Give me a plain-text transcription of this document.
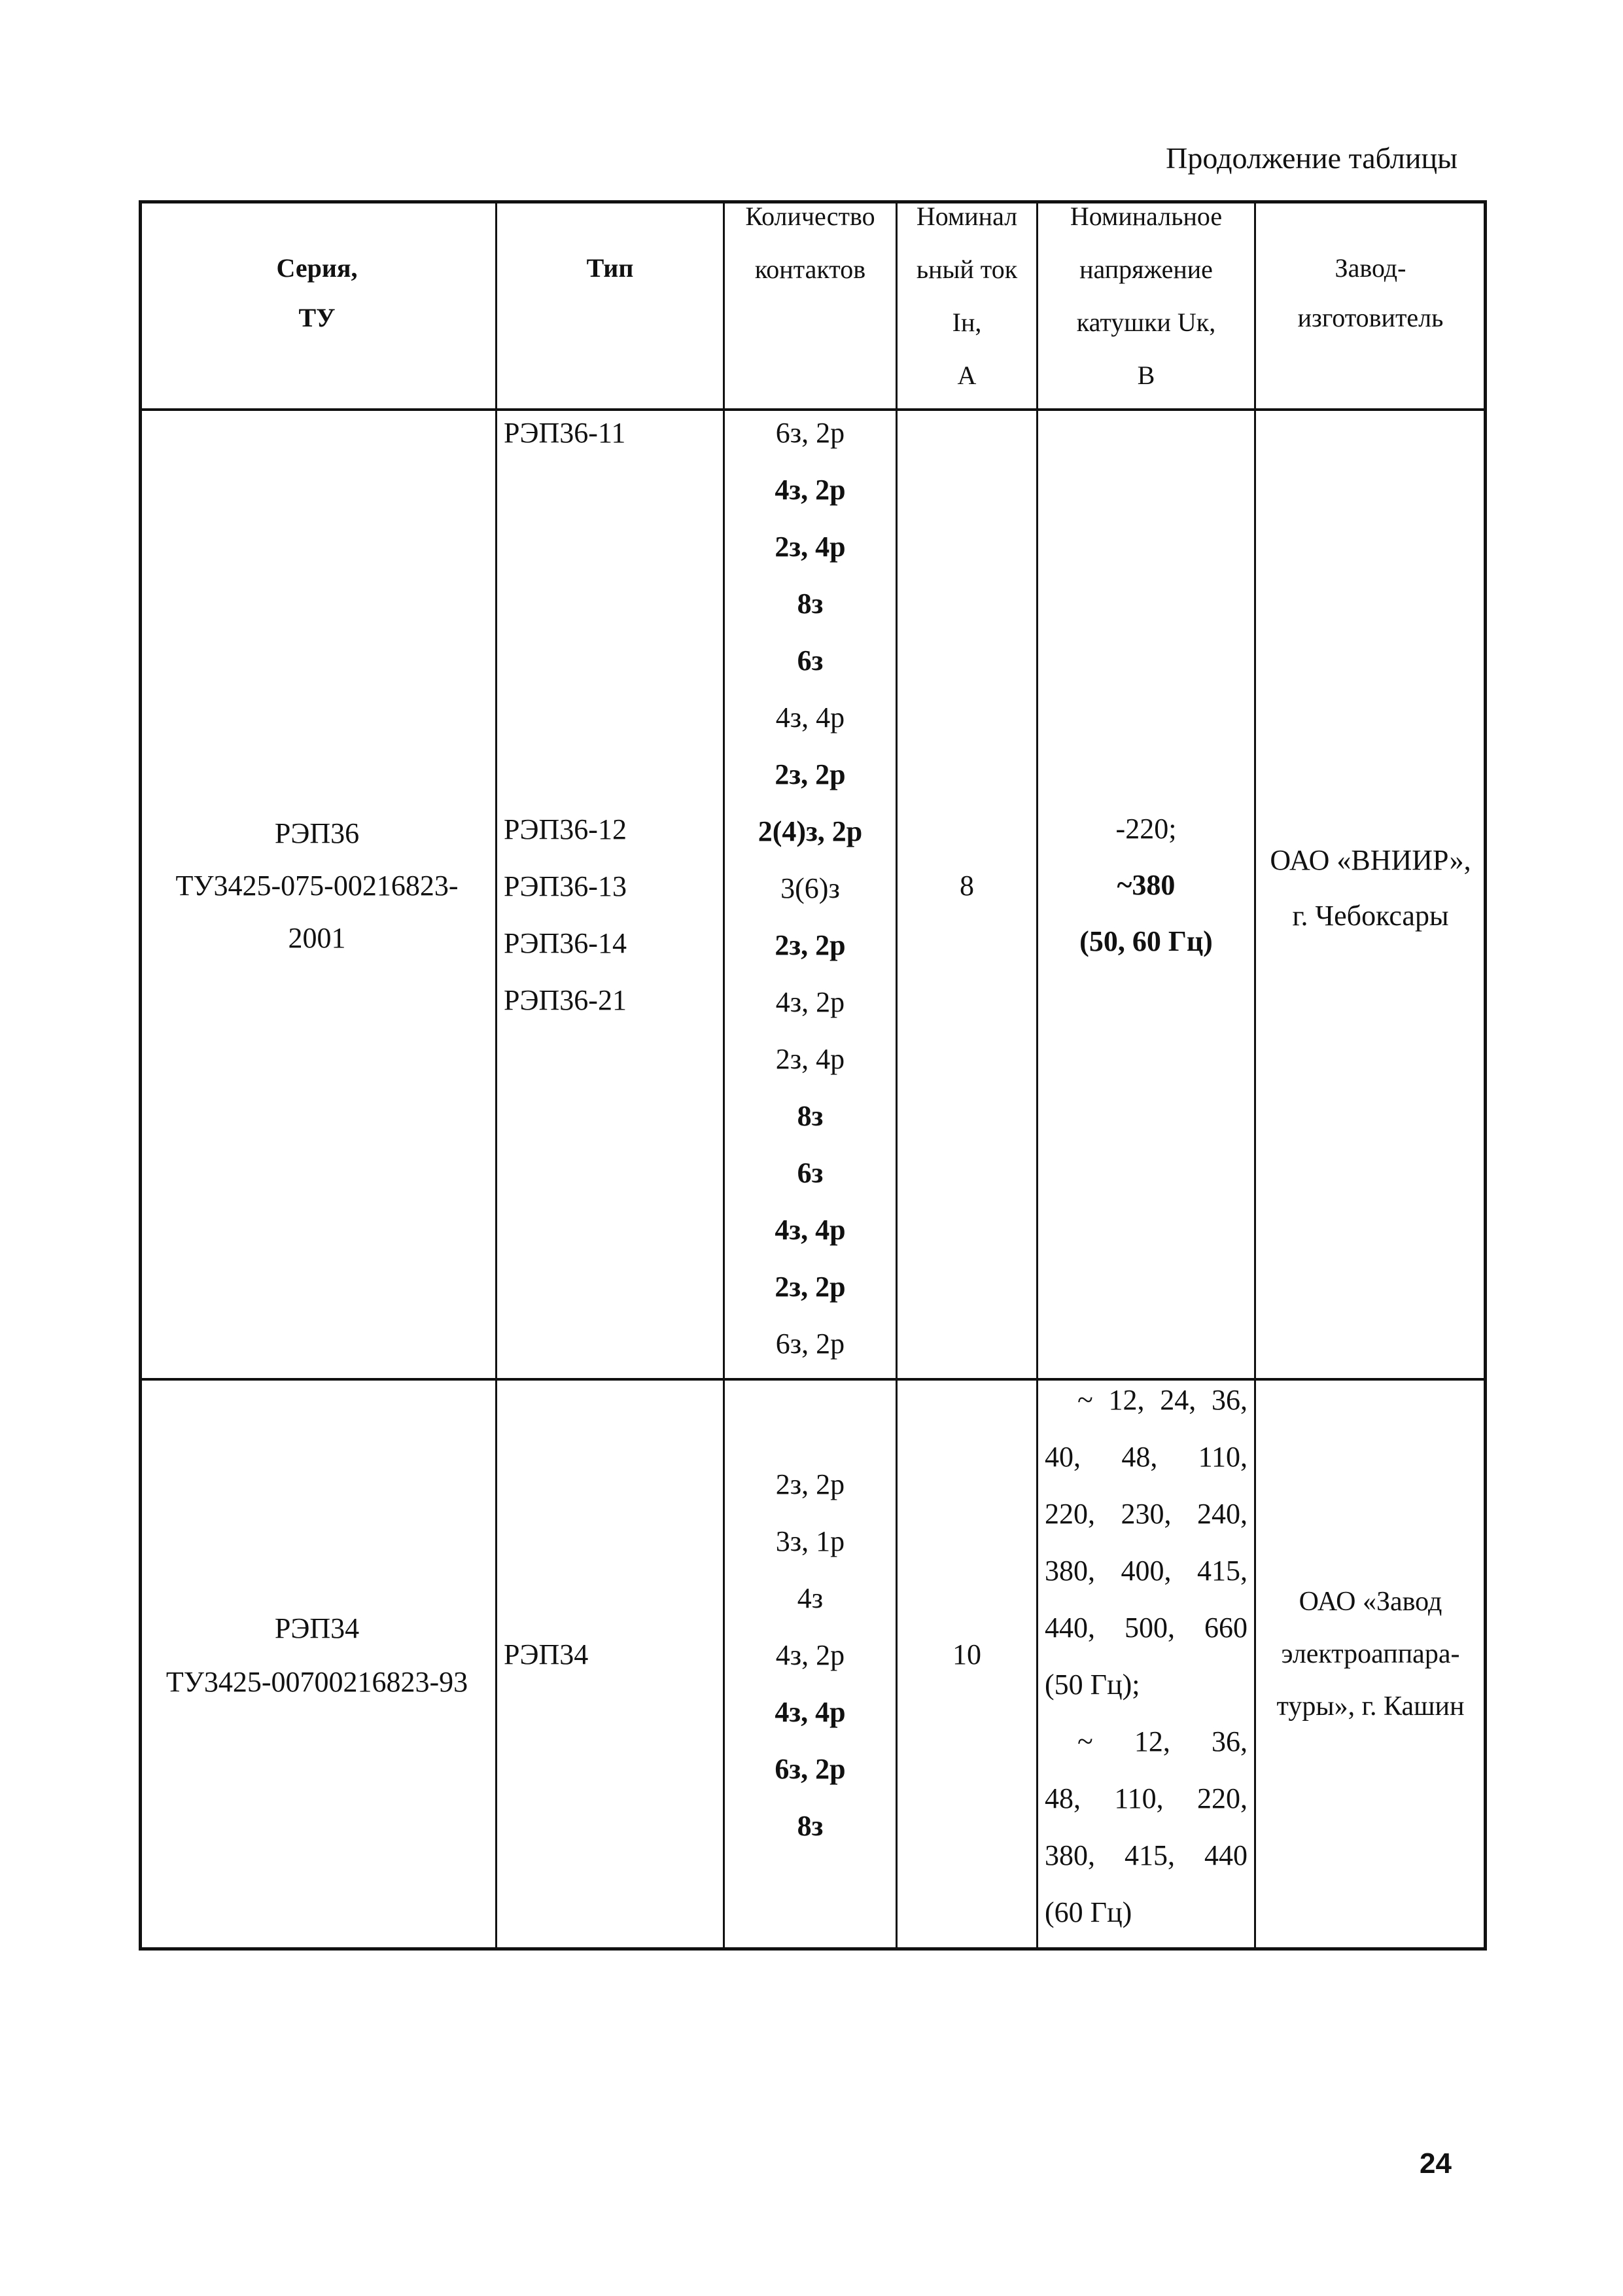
Продолжение таблицы
Серия,
ТУ
Тип
Количество
контактов
Номинал
ьный ток
Iн,
А
Номинальное
напряжение
катушки Uк,
В
Завод-
изготовитель
РЭП36
ТУ3425-075-00216823-
2001
РЭП36-11
РЭП36-12
РЭП36-13
РЭП36-14
РЭП36-21
6з, 2р
4з, 2р
2з, 4р
8з
6з
4з, 4р
2з, 2р
2(4)з, 2р
3(6)з
2з, 2р
4з, 2р
2з, 4р
8з
6з
4з, 4р
2з, 2р
6з, 2р
8
-220;
~380
(50, 60 Гц)
ОАО «ВНИИР»,
г. Чебоксары
РЭП34
ТУ3425-00700216823-93
РЭП34
2з, 2р
3з, 1р
4з
4з, 2р
4з, 4р
6з, 2р
8з
10
~ 12, 24, 36,
40, 48, 110,
220, 230, 240,
380, 400, 415,
440, 500, 660
(50 Гц);
~ 12, 36,
48, 110, 220,
380, 415, 440
(60 Гц)
ОАО «Завод
электроаппара-
туры», г. Кашин
24
